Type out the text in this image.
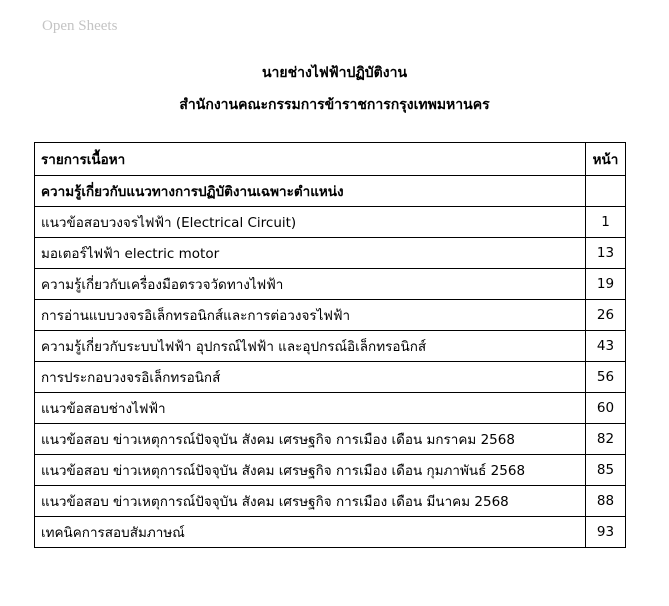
Open Sheets
นายช่างไฟฟ้าปฏิบัติงาน
สำนักงานคณะกรรมการข้าราชการกรุงเทพมหานคร
รายการเนื้อหา	หน้า
ความรู้เกี่ยวกับแนวทางการปฏิบัติงานเฉพาะตำแหน่ง	
แนวข้อสอบวงจรไฟฟ้า (Electrical Circuit)	1
มอเตอร์ไฟฟ้า electric motor	13
ความรู้เกี่ยวกับเครื่องมือตรวจวัดทางไฟฟ้า	19
การอ่านแบบวงจรอิเล็กทรอนิกส์และการต่อวงจรไฟฟ้า	26
ความรู้เกี่ยวกับระบบไฟฟ้า อุปกรณ์ไฟฟ้า และอุปกรณ์อิเล็กทรอนิกส์	43
การประกอบวงจรอิเล็กทรอนิกส์	56
แนวข้อสอบช่างไฟฟ้า	60
แนวข้อสอบ ข่าวเหตุการณ์ปัจจุบัน สังคม เศรษฐกิจ การเมือง เดือน มกราคม 2568	82
แนวข้อสอบ ข่าวเหตุการณ์ปัจจุบัน สังคม เศรษฐกิจ การเมือง เดือน กุมภาพันธ์ 2568	85
แนวข้อสอบ ข่าวเหตุการณ์ปัจจุบัน สังคม เศรษฐกิจ การเมือง เดือน มีนาคม 2568	88
เทคนิคการสอบสัมภาษณ์	93
